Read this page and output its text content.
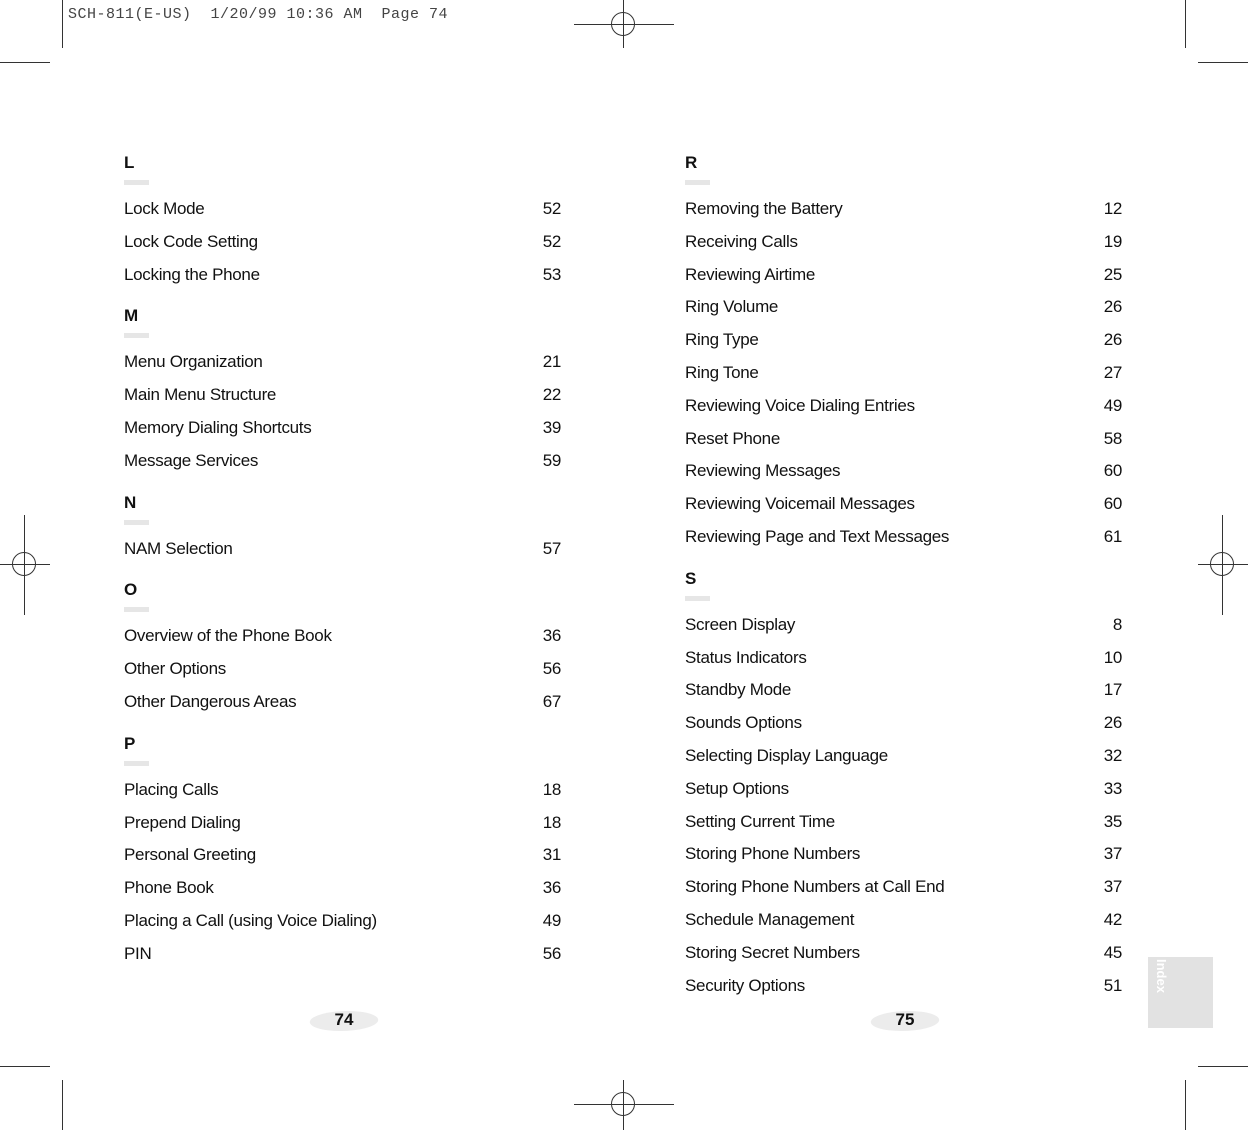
SCH-811(E-US)  1/20/99 10:36 AM  Page 74
L
Lock Mode	52
Lock Code Setting	52
Locking the Phone	53
M
Menu Organization	21
Main Menu Structure	22
Memory Dialing Shortcuts	39
Message Services	59
N
NAM Selection	57
O
Overview of the Phone Book	36
Other Options	56
Other Dangerous Areas	67
P
Placing Calls	18
Prepend Dialing	18
Personal Greeting	31
Phone Book	36
Placing a Call (using Voice Dialing)	49
PIN	56
R
Removing the Battery	12
Receiving Calls	19
Reviewing Airtime	25
Ring Volume	26
Ring Type	26
Ring Tone	27
Reviewing Voice Dialing Entries	49
Reset Phone	58
Reviewing Messages	60
Reviewing Voicemail Messages	60
Reviewing Page and Text Messages	61
S
Screen Display	8
Status Indicators	10
Standby Mode	17
Sounds Options	26
Selecting Display Language	32
Setup Options	33
Setting Current Time	35
Storing Phone Numbers	37
Storing Phone Numbers at Call End	37
Schedule Management	42
Storing Secret Numbers	45
Security Options	51
74	75
Index
